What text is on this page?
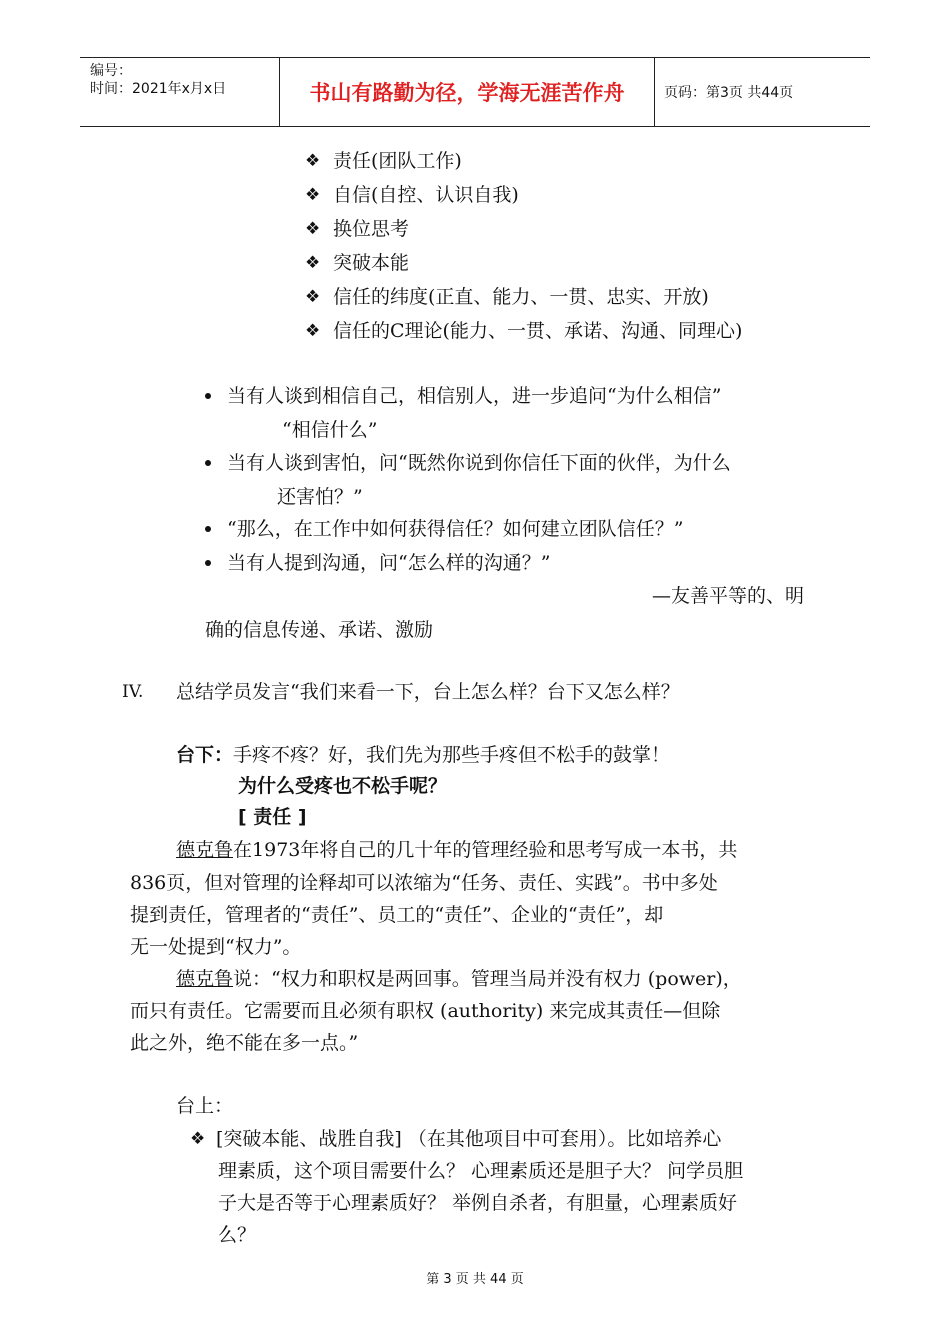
编号：
时间：2021年x月x日	书山有路勤为径，学海无涯苦作舟	页码：第3页 共44页
❖ 责任(团队工作)
❖ 自信(自控、认识自我)
❖ 换位思考
❖ 突破本能
❖ 信任的纬度(正直、能力、一贯、忠实、开放)
❖ 信任的C理论(能力、一贯、承诺、沟通、同理心)
当有人谈到相信自己，相信别人，进一步追问“为什么相信”
“相信什么”
当有人谈到害怕，问“既然你说到你信任下面的伙伴，为什么
还害怕？”
“那么，在工作中如何获得信任？如何建立团队信任？”
当有人提到沟通，问“怎么样的沟通？”
—友善平等的、明
确的信息传递、承诺、激励
IV. 总结学员发言“我们来看一下，台上怎么样？台下又怎么样？
台下：手疼不疼？好，我们先为那些手疼但不松手的鼓掌！
为什么受疼也不松手呢？
[ 责任 ]
德克鲁在1973年将自己的几十年的管理经验和思考写成一本书，共
836页，但对管理的诠释却可以浓缩为“任务、责任、实践”。书中多处
提到责任，管理者的“责任”、员工的“责任”、企业的“责任”，却
无一处提到“权力”。
德克鲁说：“权力和职权是两回事。管理当局并没有权力 (power)，
而只有责任。它需要而且必须有职权 (authority) 来完成其责任—但除
此之外，绝不能在多一点。”
台上：
❖ [突破本能、战胜自我] （在其他项目中可套用）。比如培养心
理素质，这个项目需要什么？ 心理素质还是胆子大？ 问学员胆
子大是否等于心理素质好？ 举例自杀者，有胆量，心理素质好
么？
第 3 页 共 44 页
